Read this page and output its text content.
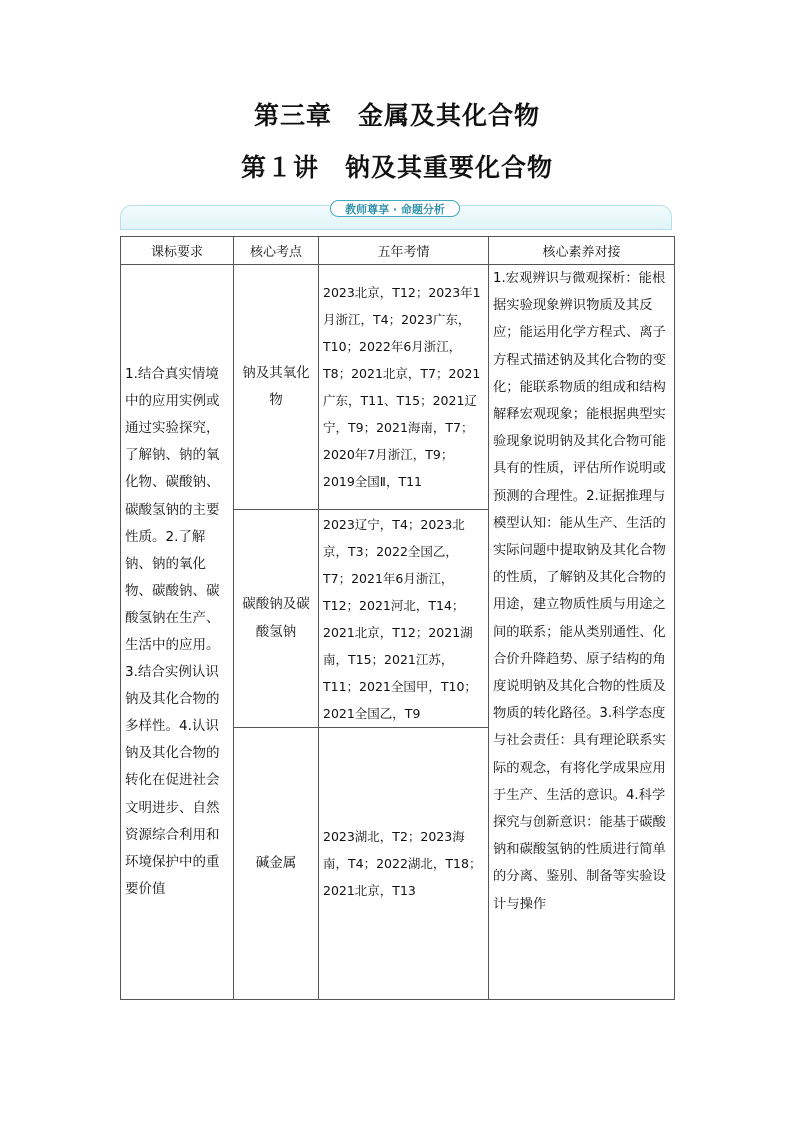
第三章　金属及其化合物
第１讲　钠及其重要化合物
教师尊享 · 命题分析
课标要求	核心考点	五年考情	核心素养对接
1.结合真实情境中的应用实例或通过实验探究，了解钠、钠的氧化物、碳酸钠、碳酸氢钠的主要性质。2.了解钠、钠的氧化物、碳酸钠、碳酸氢钠在生产、生活中的应用。3.结合实例认识钠及其化合物的多样性。4.认识钠及其化合物的转化在促进社会文明进步、自然资源综合利用和环境保护中的重要价值	钠及其氧化物	2023北京，T12；2023年1月浙江，T4；2023广东，T10；2022年6月浙江，T8；2021北京，T7；2021广东，T11、T15；2021辽宁，T9；2021海南，T7；2020年7月浙江，T9；2019全国Ⅱ，T11	1.宏观辨识与微观探析：能根据实验现象辨识物质及其反应；能运用化学方程式、离子方程式描述钠及其化合物的变化；能联系物质的组成和结构解释宏观现象；能根据典型实验现象说明钠及其化合物可能具有的性质，评估所作说明或预测的合理性。2.证据推理与模型认知：能从生产、生活的实际问题中提取钠及其化合物的性质，了解钠及其化合物的用途，建立物质性质与用途之间的联系；能从类别通性、化合价升降趋势、原子结构的角度说明钠及其化合物的性质及物质的转化路径。3.科学态度与社会责任：具有理论联系实际的观念，有将化学成果应用于生产、生活的意识。4.科学探究与创新意识：能基于碳酸钠和碳酸氢钠的性质进行简单的分离、鉴别、制备等实验设计与操作
	碳酸钠及碳酸氢钠	2023辽宁，T4；2023北京，T3；2022全国乙，T7；2021年6月浙江，T12；2021河北，T14；2021北京，T12；2021湖南，T15；2021江苏，T11；2021全国甲，T10；2021全国乙，T9	
	碱金属	2023湖北，T2；2023海南，T4；2022湖北，T18；2021北京，T13	
